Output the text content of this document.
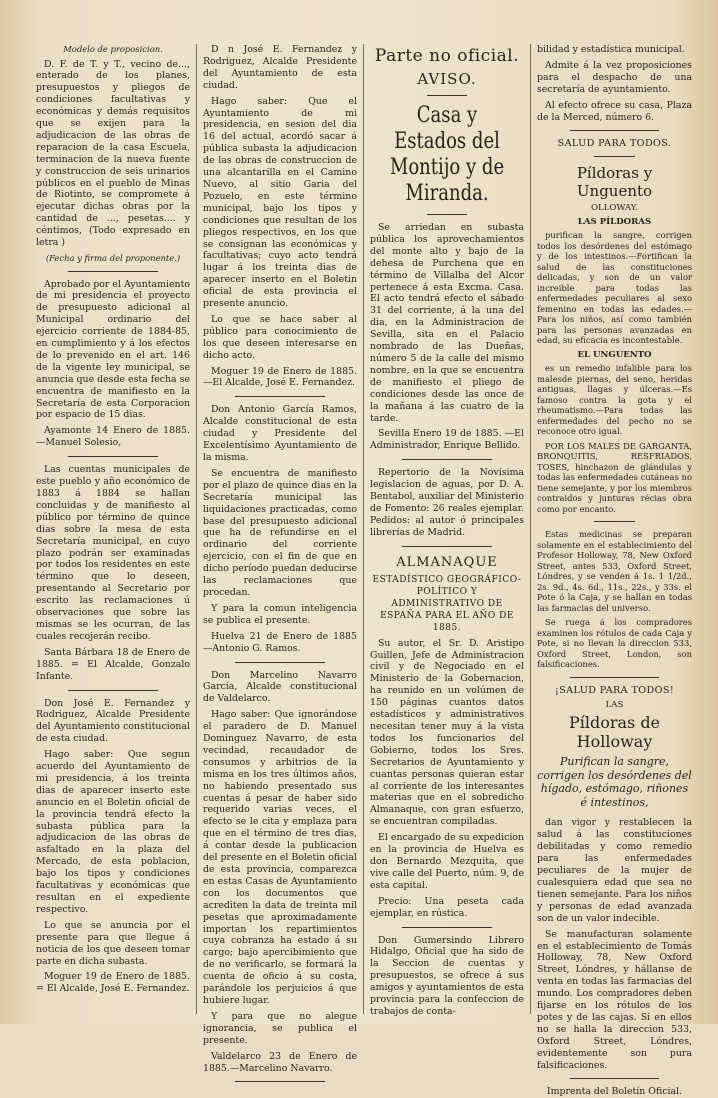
Modelo de proposicion.

D. F. de T. y T., vecino de..., enterado de los planes, presupuestos y pliegos de condiciones facultativas y económicas y demás requisitos que se exijen para la adjudicacion de las obras de reparacion de la casa Escuela, terminacion de la nueva fuente y construccion de seis urinarios públicos en el pueblo de Minas de Riotinto, se compromete á ejecutar dichas obras por la cantidad de ..., pesetas.... y céntimos, (Todo expresado en letra )

(Fecha y firma del proponente.)

Aprobado por el Ayuntamiento de mi presidencia el proyecto de presupuesto adicional al Municipal ordinario del ejercicio corriente de 1884-85, en cumplimiento y á los efectos de lo prevenido en el art. 146 de la vigente ley municipal, se anuncia que desde esta fecha se encuentra de manifiesto en la Secretaría de esta Corporacion por espacio de 15 dias.

Ayamonte 14 Enero de 1885. —Manuel Solesio,

Las cuentas municipales de este pueblo y año económico de 1883 á 1884 se hallan concluidas y de manifiesto al público por término de quince dias sobre la mesa de esta Secretaría municipal, en cuyo plazo podrán ser examinadas por todos los residentes en este término que lo deseen, presentando al Secretario por escrito las reclamaciones ú observaciones que sobre las mismas se les ocurran, de las cuales recojerán recibo.

Santa Bárbara 18 de Enero de 1885. = El Alcalde, Gonzalo Infante.

Don José E. Fernandez y Rodriguez, Alcalde Presidente del Ayuntamiento constitucional de esta ciudad.

Hago saber: Que segun acuerdo del Ayuntamiento de mi presidencia, á los treinta dias de aparecer inserto este anuncio en el Boletin oficial de la provincia tendrá efecto la subasta pública para la adjudicacion de las obras de asfaltado en la plaza del Mercado, de esta poblacion, bajo los tipos y condiciones facultativas y económicas que resultan en el expediente respectivo.

Lo que se anuncia por el presente para que llegue á noticia de los que deseen tomar parte en dicha subasta.

Moguer 19 de Enero de 1885. = El Alcalde, José E. Fernandez.

D n José E. Fernandez y Rodriguez, Alcalde Presidente del Ayuntamiento de esta ciudad.

Hago saber: Que el Ayuntamiento de mi presidencia, en sesion del dia 16 del actual, acordó sacar á pública subasta la adjudicacion de las obras de construccion de una alcantarilla en el Camino Nuevo, al sitio Garia del Pozuelo, en este término municipal, bajo los tipos y condiciones que resultan de los pliegos respectivos, en los que se consignan las económicas y facultativas; cuyo acto tendrá lugar á los treinta dias de aparecer inserto en el Boletin oficial de esta provincia el presente anuncio.

Lo que se hace saber al público para conocimiento de los que deseen interesarse en dicho acto.

Moguer 19 de Enero de 1885. —El Alcalde, José E. Fernandez.

Don Antonio García Ramos, Alcalde constitucional de esta ciudad y Presidente del Excelentísimo Ayuntamiento de la misma.

Se encuentra de manifiesto por el plazo de quince dias en la Secretaría municipal las liquidaciones practicadas, como base del presupuesto adicional que ha de refundirse en el ordinario del corriente ejercicio, con el fin de que en dicho período puedan deducirse las reclamaciones que procedan.

Y para la comun inteligencia se publica el presente.

Huelva 21 de Enero de 1885 —Antonio G. Ramos.

Don Marcelino Navarro García, Alcalde constitucional de Valdelarco.

Hago saber: Que ignorándose el paradero de D. Manuel Dominguez Navarro, de esta vecindad, recaudador de consumos y arbitrios de la misma en los tres últimos años, no habiendo presentado sus cuentas á pesar de haber sido requerido varias veces, el efecto se le cita y emplaza para que en el término de tres dias, á contar desde la publicacion del presente en el Boletin oficial de esta provincia, comparezca en estas Casas de Ayuntamiento con los documentos que acrediten la data de treinta mil pesetas que aproximadamente importan los repartimientos cuya cobranza ha estado á su cargo; bajo apercibimiento que de no verificarlo, se formará la cuenta de oficio á su costa, parándole los perjuicios á que hubiere lugar.

Y para que no alegue ignorancia, se publica el presente.

Valdelarco 23 de Enero de 1885.—Marcelino Navarro.

Parte no oficial.
AVISO.
Casa y Estados del
Montijo y de Miranda.

Se arriedan en subasta pública los aprovechamientos del monte alto y bajo de la dehesa de Purchena que en término de Villalba del Alcor pertenece á esta Excma. Casa. El acto tendrá efecto el sábado 31 del corriente, á la una del dia, en la Administracion de Sevilla, sita en el Palacio nombrado de las Dueñas, número 5 de la calle del mismo nombre, en la que se encuentra de manifiesto el pliego de condiciones desde las once de la mañana á las cuatro de la tarde.

Sevilla Enero 19 de 1885. —El Administrador, Enrique Bellido.

Repertorio de la Novísima legislacion de aguas, por D. A. Bentabol, auxiliar del Ministerio de Fomento: 26 reales ejemplar. Pedidos: al autor ó principales librerías de Madrid.

ALMANAQUE
ESTADÍSTICO GEOGRÁFICO-POLÍTICO Y ADMINISTRATIVO DE ESPAÑA PARA EL AÑO DE 1885.

Su autor, el Sr. D. Aristipo Guillen, Jefe de Administracion civil y de Negociado en el Ministerio de la Gobernacion, ha reunido en un volúmen de 150 páginas cuantos datos estadísticos y administrativos necesitan tener muy á la vista todos los funcionarios del Gobierno, todos los Sres. Secretarios de Ayuntamiento y cuantas personas quieran estar al corriente de los interesantes materias que en el sobredicho Almanaque, con gran esfuerzo, se encuentran compiladas.

El encargado de su expedicion en la provincia de Huelva es don Bernardo Mezquita, que vive calle del Puerto, núm. 9, de esta capital.

Precio: Una peseta cada ejemplar, en rústica.

Don Gumersindo Librero Hidalgo, Oficial que ha sido de la Seccion de cuentas y presupuestos, se ofrece á sus amigos y ayuntamientos de esta provincia para la confeccion de trabajos de conta-

bilidad y estadística municipal.

Admite á la vez proposiciones para el despacho de una secretaría de ayuntamiento.

Al efecto ofrece su casa, Plaza de la Merced, número 6.

SALUD PARA TODOS.
Píldoras y Unguento
OLLOWAY.
LAS PÍLDORAS

purifican la sangre, corrigen todos los desórdenes del estómago y de los intestinos.—Fortifican la salud de las constituciones delicadas, y son de un valor increible para todas las enfermedades peculiares al sexo femenino en todas las edades.—Para los niños, así como también para las personas avanzadas en edad, su eficacia es incontestable.

EL UNGUENTO

es un remedio infalible para los malesde piernas, del seno, heridas antiguas, llagas y úlceras.—Es famoso contra la gota y el rheumatismo.—Para todas las enfermedades del pecho no se reconoce otro igual.

POR LOS MALES DE GARGANTA, BRONQUITIS, RESFRIADOS, TOSES, hinchazon de glándulas y todas las enfermedades cutáneas no tiene semejante, y por los miembros contraidos y junturas récias obra como por encanto.

Estas medicinas se preparan solamente en el establecimiento del Profesor Holloway, 78, New Oxford Street, antes 533, Oxford Street, Lóndres, y se venden á 1s. 1 1/2d., 2s. 9d., 4s. 6d., 11s., 22s., y 33s. el Pote ó la Caja, y se hallan en todas las farmacias del universo.

Se ruega á los compradores examinen los rótulos de cada Caja y Pote, si no llevan la direccion 533, Oxford Street, London, son falsificaciones.

¡SALUD PARA TODOS!
LAS
Píldoras de Holloway
Purifican la sangre, corrigen los desórdenes del hígado, estómago, riñones é intestinos,

dan vigor y restablecen la salud á las constituciones debilitadas y como remedio para las enfermedades peculiares de la mujer de cualesquiera edad que sea no tienen semejante. Para los niños y personas de edad avanzada son de un valor indecible.

Se manufacturan solamente en el establecimiento de Tomás Holloway, 78, New Oxford Street, Lóndres, y hállanse de venta en todas las farmacias del mundo. Los compradores deben fijarse en los rótulos de los potes y de las cajas. Si en ellos no se halla la direccion 533, Oxford Street, Lóndres, evidentemente son pura falsificaciones.

Imprenta del Boletín Oficial.
